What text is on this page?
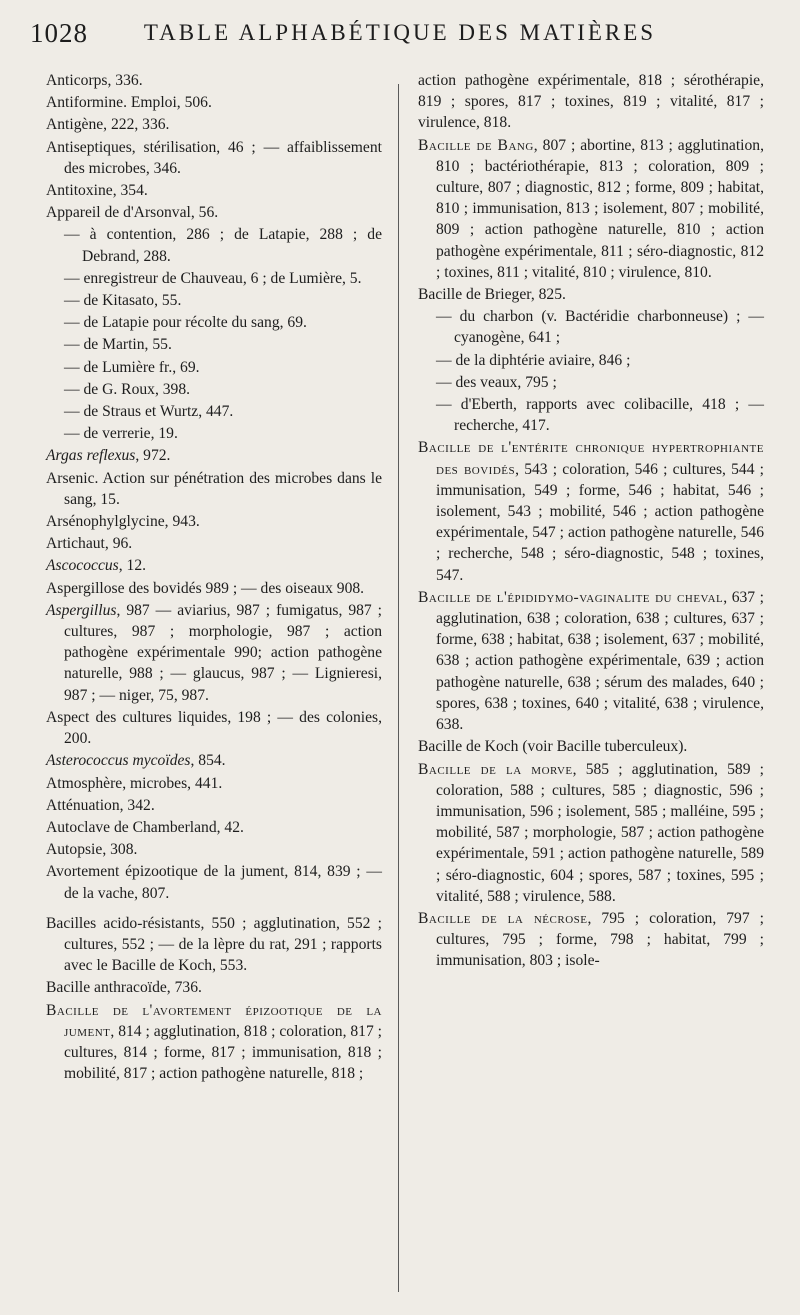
1028	TABLE ALPHABÉTIQUE DES MATIÈRES

Anticorps, 336.

Antiformine. Emploi, 506.

Antigène, 222, 336.

Antiseptiques, stérilisation, 46 ; — affaiblissement des microbes, 346.

Antitoxine, 354.

Appareil de d'Arsonval, 56.

— à contention, 286 ; de Latapie, 288 ; de Debrand, 288.

— enregistreur de Chauveau, 6 ; de Lumière, 5.

— de Kitasato, 55.

— de Latapie pour récolte du sang, 69.

— de Martin, 55.

— de Lumière fr., 69.

— de G. Roux, 398.

— de Straus et Wurtz, 447.

— de verrerie, 19.

Argas reflexus, 972.

Arsenic. Action sur pénétration des microbes dans le sang, 15.

Arsénophylglycine, 943.

Artichaut, 96.

Ascococcus, 12.

Aspergillose des bovidés 989 ; — des oiseaux 908.

Aspergillus, 987 — aviarius, 987 ; fumigatus, 987 ; cultures, 987 ; morphologie, 987 ; action pathogène expérimentale 990; action pathogène naturelle, 988 ; — glaucus, 987 ; — Lignieresi, 987 ; — niger, 75, 987.

Aspect des cultures liquides, 198 ; — des colonies, 200.

Asterococcus mycoïdes, 854.

Atmosphère, microbes, 441.

Atténuation, 342.

Autoclave de Chamberland, 42.

Autopsie, 308.

Avortement épizootique de la jument, 814, 839 ; — de la vache, 807.

Bacilles acido-résistants, 550 ; agglutination, 552 ; cultures, 552 ; — de la lèpre du rat, 291 ; rapports avec le Bacille de Koch, 553.

Bacille anthracoïde, 736.

Bacille de l'avortement épizootique de la jument, 814 ; agglutination, 818 ; coloration, 817 ; cultures, 814 ; forme, 817 ; immunisation, 818 ; mobilité, 817 ; action pathogène naturelle, 818 ;

action pathogène expérimentale, 818 ; sérothérapie, 819 ; spores, 817 ; toxines, 819 ; vitalité, 817 ; virulence, 818.

Bacille de Bang, 807 ; abortine, 813 ; agglutination, 810 ; bactériothérapie, 813 ; coloration, 809 ; culture, 807 ; diagnostic, 812 ; forme, 809 ; habitat, 810 ; immunisation, 813 ; isolement, 807 ; mobilité, 809 ; action pathogène naturelle, 810 ; action pathogène expérimentale, 811 ; séro-diagnostic, 812 ; toxines, 811 ; vitalité, 810 ; virulence, 810.

Bacille de Brieger, 825.

— du charbon (v. Bactéridie charbonneuse) ; — cyanogène, 641 ;

— de la diphtérie aviaire, 846 ;

— des veaux, 795 ;

— d'Eberth, rapports avec colibacille, 418 ; — recherche, 417.

Bacille de l'entérite chronique hypertrophiante des bovidés, 543 ; coloration, 546 ; cultures, 544 ; immunisation, 549 ; forme, 546 ; habitat, 546 ; isolement, 543 ; mobilité, 546 ; action pathogène expérimentale, 547 ; action pathogène naturelle, 546 ; recherche, 548 ; séro-diagnostic, 548 ; toxines, 547.

Bacille de l'épididymo-vaginalite du cheval, 637 ; agglutination, 638 ; coloration, 638 ; cultures, 637 ; forme, 638 ; habitat, 638 ; isolement, 637 ; mobilité, 638 ; action pathogène expérimentale, 639 ; action pathogène naturelle, 638 ; sérum des malades, 640 ; spores, 638 ; toxines, 640 ; vitalité, 638 ; virulence, 638.

Bacille de Koch (voir Bacille tuberculeux).

Bacille de la morve, 585 ; agglutination, 589 ; coloration, 588 ; cultures, 585 ; diagnostic, 596 ; immunisation, 596 ; isolement, 585 ; malléine, 595 ; mobilité, 587 ; morphologie, 587 ; action pathogène expérimentale, 591 ; action pathogène naturelle, 589 ; séro-diagnostic, 604 ; spores, 587 ; toxines, 595 ; vitalité, 588 ; virulence, 588.

Bacille de la nécrose, 795 ; coloration, 797 ; cultures, 795 ; forme, 798 ; habitat, 799 ; immunisation, 803 ; isole-
